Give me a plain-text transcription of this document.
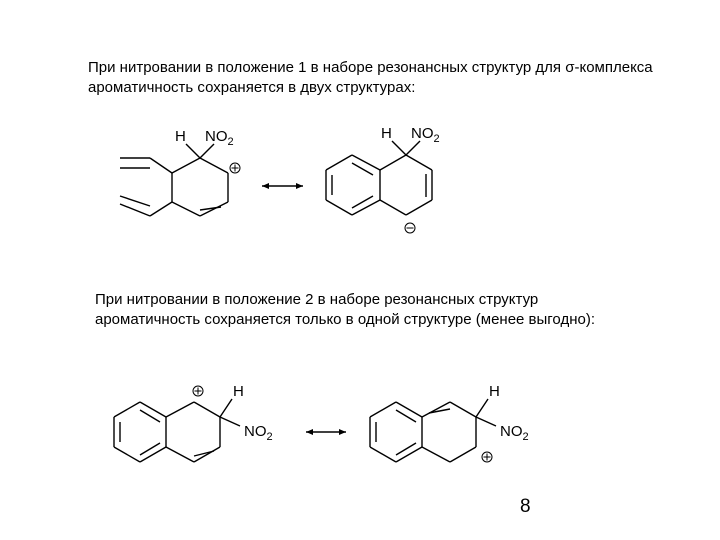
При нитровании в положение 1 в наборе резонансных структур для σ-комплекса
ароматичность сохраняется в двух структурах:
H $NO_2$	H $NO_2$
При нитровании в положение 2 в наборе резонансных структур
ароматичность сохраняется только в одной структуре (менее выгодно):
H
$NO_2$
H
$NO_2$
8
